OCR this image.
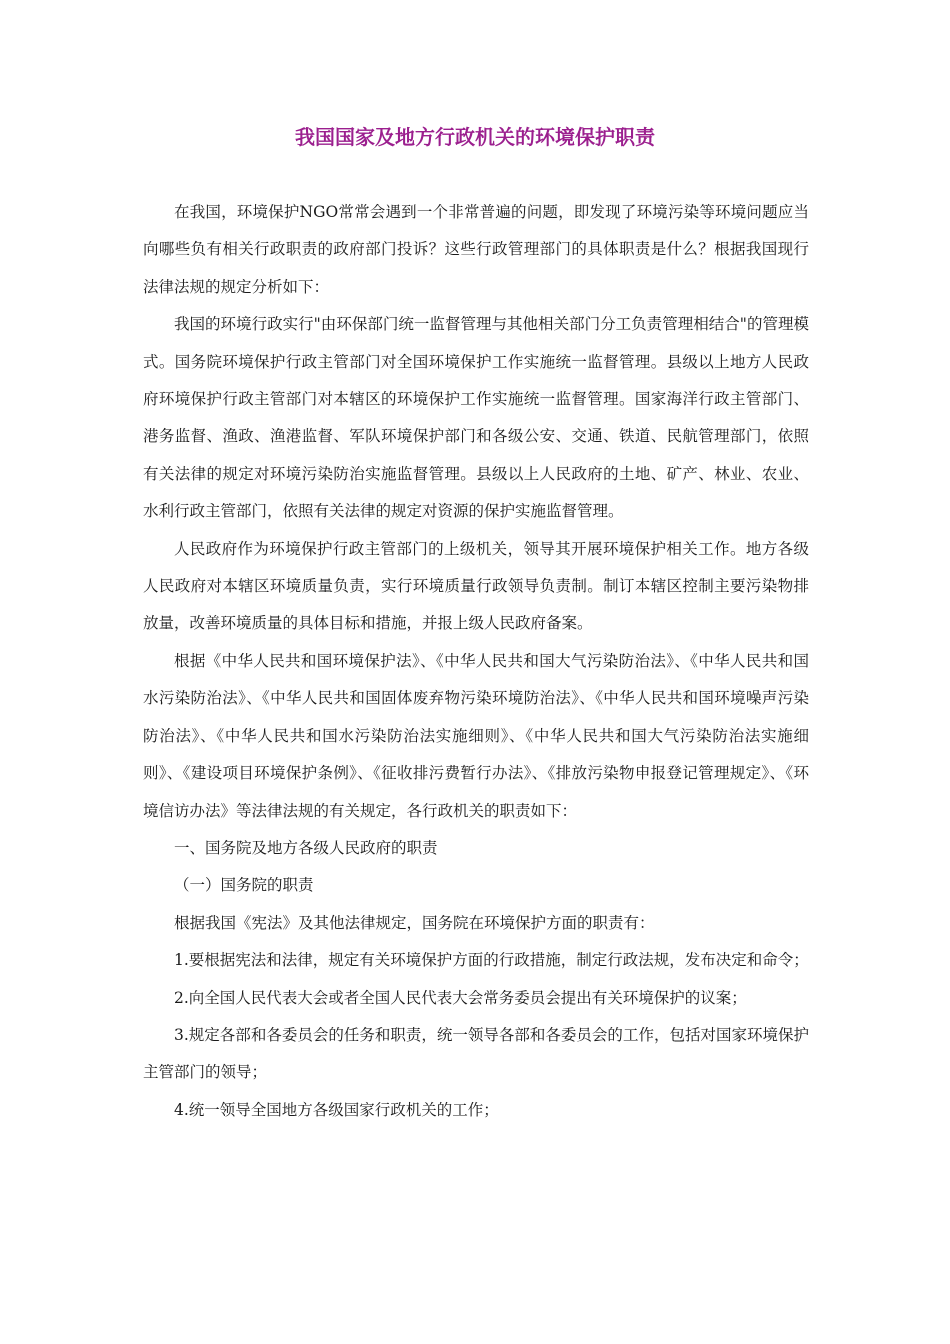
我国国家及地方行政机关的环境保护职责

在我国，环境保护NGO常常会遇到一个非常普遍的问题，即发现了环境污染等环境问题应当向哪些负有相关行政职责的政府部门投诉？这些行政管理部门的具体职责是什么？根据我国现行法律法规的规定分析如下：

我国的环境行政实行"由环保部门统一监督管理与其他相关部门分工负责管理相结合"的管理模式。国务院环境保护行政主管部门对全国环境保护工作实施统一监督管理。县级以上地方人民政府环境保护行政主管部门对本辖区的环境保护工作实施统一监督管理。国家海洋行政主管部门、港务监督、渔政、渔港监督、军队环境保护部门和各级公安、交通、铁道、民航管理部门，依照有关法律的规定对环境污染防治实施监督管理。县级以上人民政府的土地、矿产、林业、农业、水利行政主管部门，依照有关法律的规定对资源的保护实施监督管理。

人民政府作为环境保护行政主管部门的上级机关，领导其开展环境保护相关工作。地方各级人民政府对本辖区环境质量负责，实行环境质量行政领导负责制。制订本辖区控制主要污染物排放量，改善环境质量的具体目标和措施，并报上级人民政府备案。

根据《中华人民共和国环境保护法》、《中华人民共和国大气污染防治法》、《中华人民共和国水污染防治法》、《中华人民共和国固体废弃物污染环境防治法》、《中华人民共和国环境噪声污染防治法》、《中华人民共和国水污染防治法实施细则》、《中华人民共和国大气污染防治法实施细则》、《建设项目环境保护条例》、《征收排污费暂行办法》、《排放污染物申报登记管理规定》、《环境信访办法》等法律法规的有关规定，各行政机关的职责如下：

一、国务院及地方各级人民政府的职责

（一）国务院的职责

根据我国《宪法》及其他法律规定，国务院在环境保护方面的职责有：

1.要根据宪法和法律，规定有关环境保护方面的行政措施，制定行政法规，发布决定和命令；

2.向全国人民代表大会或者全国人民代表大会常务委员会提出有关环境保护的议案；

3.规定各部和各委员会的任务和职责，统一领导各部和各委员会的工作，包括对国家环境保护主管部门的领导；

4.统一领导全国地方各级国家行政机关的工作；
